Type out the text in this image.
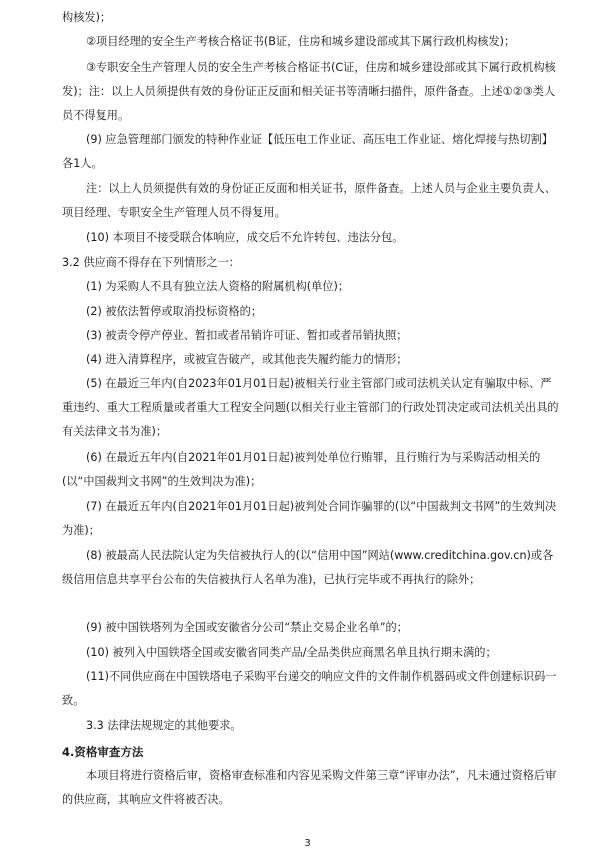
构核发)；

②项目经理的安全生产考核合格证书(B证，住房和城乡建设部或其下属行政机构核发)；

③专职安全生产管理人员的安全生产考核合格证书(C证，住房和城乡建设部或其下属行政机构核发)；注：以上人员须提供有效的身份证正反面和相关证书等清晰扫描件，原件备查。上述①②③类人员不得复用。

(9) 应急管理部门颁发的特种作业证【低压电工作业证、高压电工作业证、熔化焊接与热切割】各1人。

注：以上人员须提供有效的身份证正反面和相关证书，原件备查。上述人员与企业主要负责人、项目经理、专职安全生产管理人员不得复用。

(10) 本项目不接受联合体响应，成交后不允许转包、违法分包。

3.2 供应商不得存在下列情形之一：

(1) 为采购人不具有独立法人资格的附属机构(单位)；

(2) 被依法暂停或取消投标资格的；

(3) 被责令停产停业、暂扣或者吊销许可证、暂扣或者吊销执照；

(4) 进入清算程序，或被宣告破产，或其他丧失履约能力的情形；

(5) 在最近三年内(自2023年01月01日起)被相关行业主管部门或司法机关认定有骗取中标、严重违约、重大工程质量或者重大工程安全问题(以相关行业主管部门的行政处罚决定或司法机关出具的有关法律文书为准)；

(6) 在最近五年内(自2021年01月01日起)被判处单位行贿罪，且行贿行为与采购活动相关的(以“中国裁判文书网”的生效判决为准)；

(7) 在最近五年内(自2021年01月01日起)被判处合同诈骗罪的(以“中国裁判文书网”的生效判决为准)；

(8) 被最高人民法院认定为失信被执行人的(以“信用中国”网站(www.creditchina.gov.cn)或各级信用信息共享平台公布的失信被执行人名单为准)，已执行完毕或不再执行的除外；

(9) 被中国铁塔列为全国或安徽省分公司“禁止交易企业名单”的；

(10) 被列入中国铁塔全国或安徽省同类产品/全品类供应商黑名单且执行期未满的；

(11)不同供应商在中国铁塔电子采购平台递交的响应文件的文件制作机器码或文件创建标识码一致。

3.3 法律法规规定的其他要求。

4.资格审查方法

本项目将进行资格后审，资格审查标准和内容见采购文件第三章“评审办法”，凡未通过资格后审的供应商，其响应文件将被否决。

3
